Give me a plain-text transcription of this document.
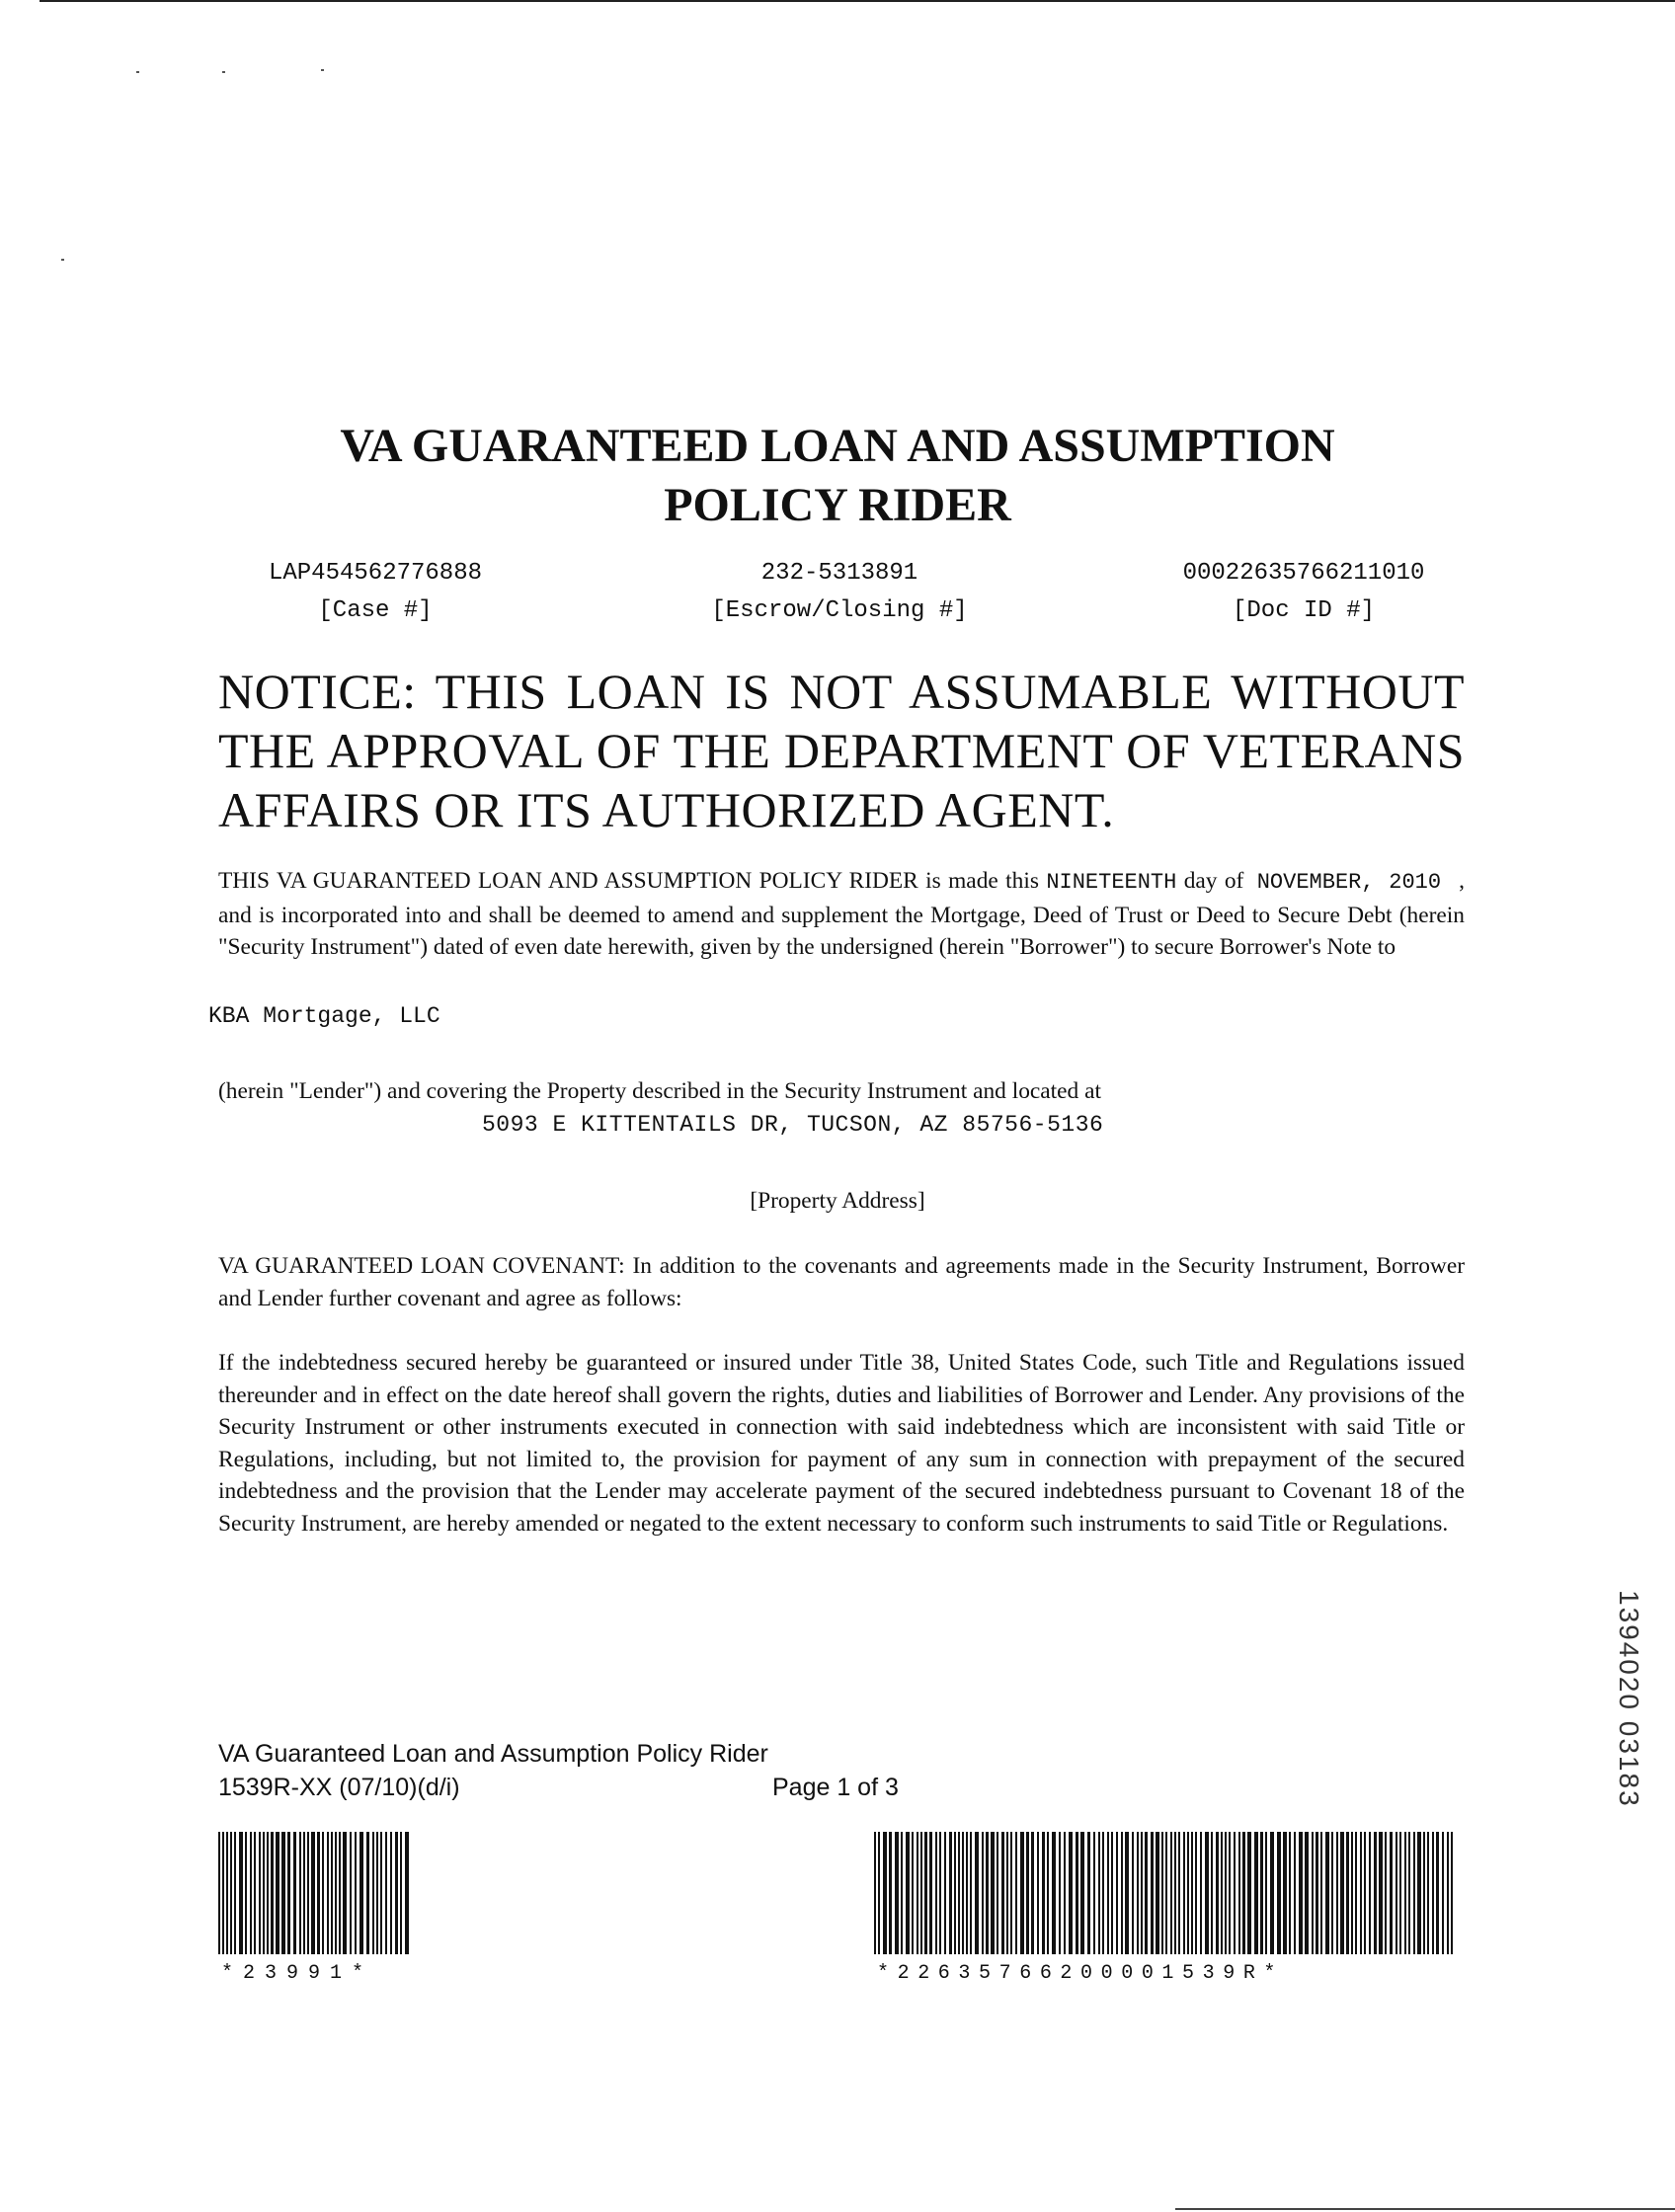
VA GUARANTEED LOAN AND ASSUMPTION
POLICY RIDER
LAP454562776888
[Case #]
232-5313891
[Escrow/Closing #]
00022635766211010
[Doc ID #]
NOTICE: THIS LOAN IS NOT ASSUMABLE WITHOUT
THE APPROVAL OF THE DEPARTMENT OF VETERANS
AFFAIRS OR ITS AUTHORIZED AGENT.
THIS VA GUARANTEED LOAN AND ASSUMPTION POLICY RIDER is made this NINETEENTH day of NOVEMBER, 2010 , and is incorporated into and shall be deemed to amend and supplement the Mortgage, Deed of Trust or Deed to Secure Debt (herein "Security Instrument") dated of even date herewith, given by the undersigned (herein "Borrower") to secure Borrower's Note to
KBA Mortgage, LLC
(herein "Lender") and covering the Property described in the Security Instrument and located at
5093 E KITTENTAILS DR, TUCSON, AZ 85756-5136
[Property Address]
VA GUARANTEED LOAN COVENANT: In addition to the covenants and agreements made in the Security Instrument, Borrower and Lender further covenant and agree as follows:
If the indebtedness secured hereby be guaranteed or insured under Title 38, United States Code, such Title and Regulations issued thereunder and in effect on the date hereof shall govern the rights, duties and liabilities of Borrower and Lender. Any provisions of the Security Instrument or other instruments executed in connection with said indebtedness which are inconsistent with said Title or Regulations, including, but not limited to, the provision for payment of any sum in connection with prepayment of the secured indebtedness and the provision that the Lender may accelerate payment of the secured indebtedness pursuant to Covenant 18 of the Security Instrument, are hereby amended or negated to the extent necessary to conform such instruments to said Title or Regulations.
VA Guaranteed Loan and Assumption Policy Rider
1539R-XX (07/10)(d/i)	Page 1 of 3
*23991*	*22635766200001539R*
1394020 03183
